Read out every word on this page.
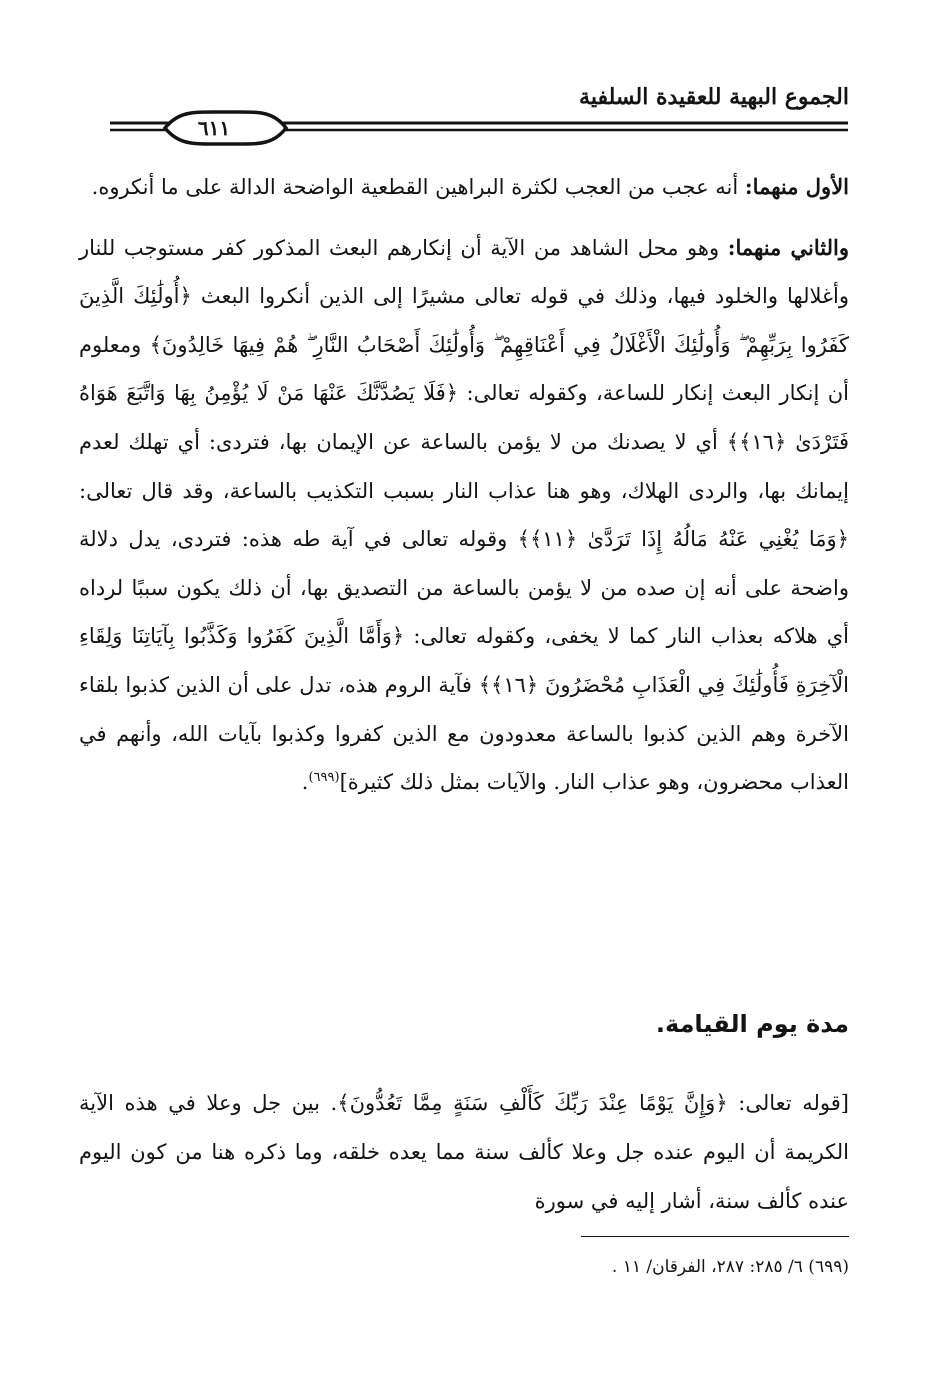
الجموع البهية للعقيدة السلفية
٦١١

الأول منهما: أنه عجب من العجب لكثرة البراهين القطعية الواضحة الدالة على ما أنكروه.

والثاني منهما: وهو محل الشاهد من الآية أن إنكارهم البعث المذكور كفر مستوجب للنار وأغلالها والخلود فيها، وذلك في قوله تعالى مشيرًا إلى الذين أنكروا البعث ﴿أُولَٰئِكَ الَّذِينَ كَفَرُوا بِرَبِّهِمْ ۖ وَأُولَٰئِكَ الْأَغْلَالُ فِي أَعْنَاقِهِمْ ۖ وَأُولَٰئِكَ أَصْحَابُ النَّارِ ۖ هُمْ فِيهَا خَالِدُونَ﴾ ومعلوم أن إنكار البعث إنكار للساعة، وكقوله تعالى: ﴿فَلَا يَصُدَّنَّكَ عَنْهَا مَنْ لَا يُؤْمِنُ بِهَا وَاتَّبَعَ هَوَاهُ فَتَرْدَىٰ ﴿١٦﴾﴾ أي لا يصدنك من لا يؤمن بالساعة عن الإيمان بها، فتردى: أي تهلك لعدم إيمانك بها، والردى الهلاك، وهو هنا عذاب النار بسبب التكذيب بالساعة، وقد قال تعالى: ﴿وَمَا يُغْنِي عَنْهُ مَالُهُ إِذَا تَرَدَّىٰ ﴿١١﴾﴾ وقوله تعالى في آية طه هذه: فتردى، يدل دلالة واضحة على أنه إن صده من لا يؤمن بالساعة من التصديق بها، أن ذلك يكون سببًا لرداه أي هلاكه بعذاب النار كما لا يخفى، وكقوله تعالى: ﴿وَأَمَّا الَّذِينَ كَفَرُوا وَكَذَّبُوا بِآيَاتِنَا وَلِقَاءِ الْآخِرَةِ فَأُولَٰئِكَ فِي الْعَذَابِ مُحْضَرُونَ ﴿١٦﴾﴾ فآية الروم هذه، تدل على أن الذين كذبوا بلقاء الآخرة وهم الذين كذبوا بالساعة معدودون مع الذين كفروا وكذبوا بآيات الله، وأنهم في العذاب محضرون، وهو عذاب النار. والآيات بمثل ذلك كثيرة]$^{(٦٩٩)}$.

مدة يوم القيامة.

[قوله تعالى: ﴿وَإِنَّ يَوْمًا عِنْدَ رَبِّكَ كَأَلْفِ سَنَةٍ مِمَّا تَعُدُّونَ﴾. بين جل وعلا في هذه الآية الكريمة أن اليوم عنده جل وعلا كألف سنة مما يعده خلقه، وما ذكره هنا من كون اليوم عنده كألف سنة، أشار إليه في سورة

(٦٩٩) ٦/ ٢٨٥: ٢٨٧، الفرقان/ ١١ .
